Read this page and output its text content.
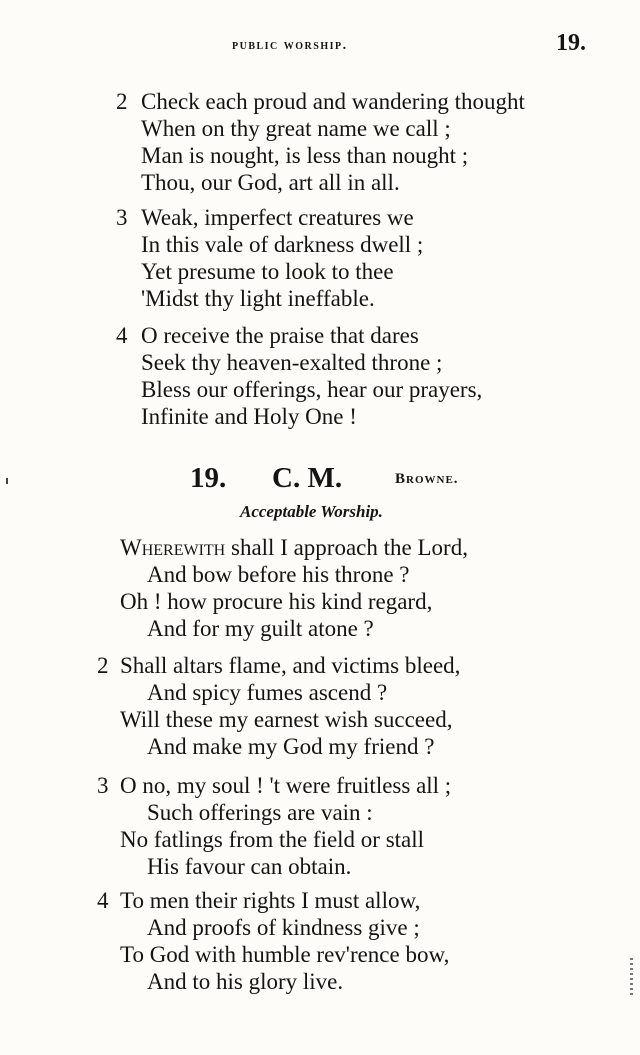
public worship.	19.
2 Check each proud and wandering thought
When on thy great name we call ;
Man is nought, is less than nought ;
Thou, our God, art all in all.
3 Weak, imperfect creatures we
In this vale of darkness dwell ;
Yet presume to look to thee
'Midst thy light ineffable.
4 O receive the praise that dares
Seek thy heaven-exalted throne ;
Bless our offerings, hear our prayers,
Infinite and Holy One !
19. C. M.	Browne.
Acceptable Worship.
Wherewith shall I approach the Lord,
And bow before his throne ?
Oh ! how procure his kind regard,
And for my guilt atone ?
2 Shall altars flame, and victims bleed,
And spicy fumes ascend ?
Will these my earnest wish succeed,
And make my God my friend ?
3 O no, my soul ! 't were fruitless all ;
Such offerings are vain :
No fatlings from the field or stall
His favour can obtain.
4 To men their rights I must allow,
And proofs of kindness give ;
To God with humble rev'rence bow,
And to his glory live.
